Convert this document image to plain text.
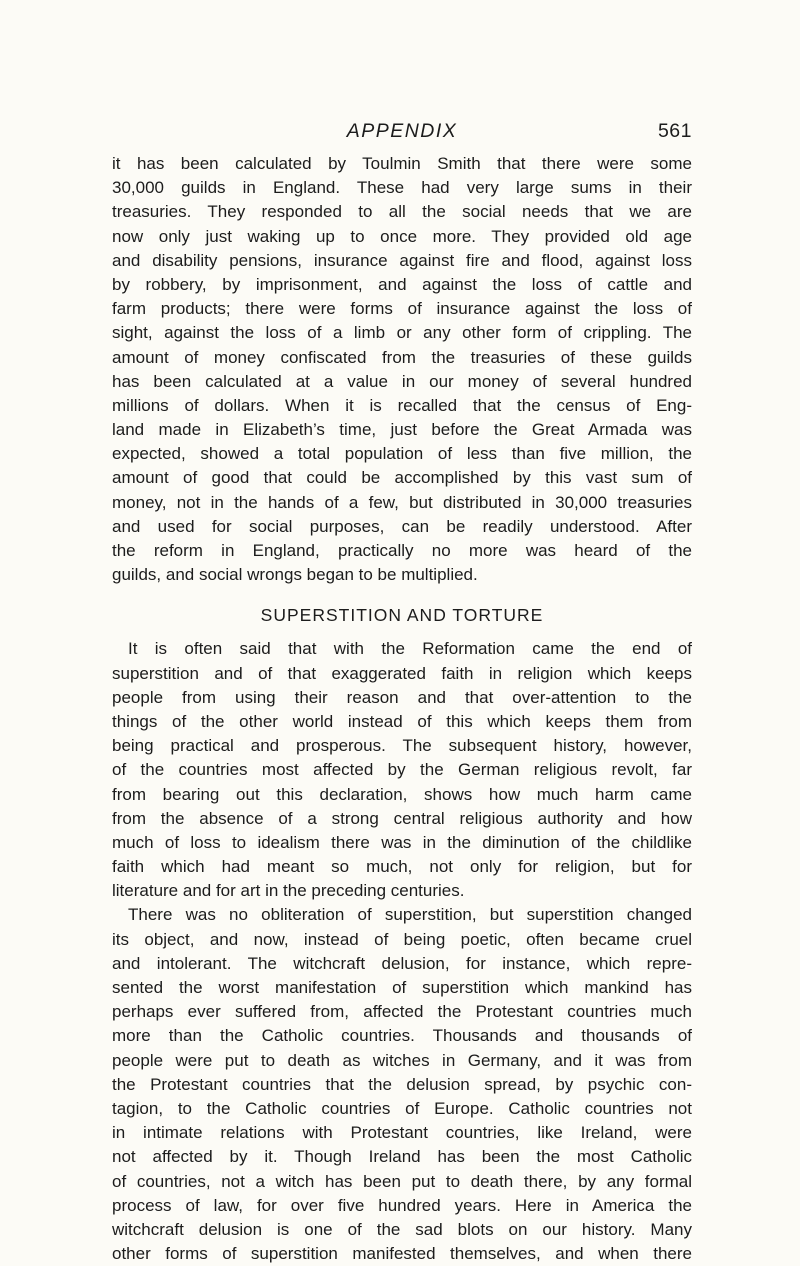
APPENDIX	561
it has been calculated by Toulmin Smith that there were some
30,000 guilds in England. These had very large sums in their
treasuries. They responded to all the social needs that we are
now only just waking up to once more. They provided old age
and disability pensions, insurance against fire and flood, against loss
by robbery, by imprisonment, and against the loss of cattle and
farm products; there were forms of insurance against the loss of
sight, against the loss of a limb or any other form of crippling. The
amount of money confiscated from the treasuries of these guilds
has been calculated at a value in our money of several hundred
millions of dollars. When it is recalled that the census of Eng-
land made in Elizabeth’s time, just before the Great Armada was
expected, showed a total population of less than five million, the
amount of good that could be accomplished by this vast sum of
money, not in the hands of a few, but distributed in 30,000 treasuries
and used for social purposes, can be readily understood. After
the reform in England, practically no more was heard of the
guilds, and social wrongs began to be multiplied.
SUPERSTITION AND TORTURE
It is often said that with the Reformation came the end of
superstition and of that exaggerated faith in religion which keeps
people from using their reason and that over-attention to the
things of the other world instead of this which keeps them from
being practical and prosperous. The subsequent history, however,
of the countries most affected by the German religious revolt, far
from bearing out this declaration, shows how much harm came
from the absence of a strong central religious authority and how
much of loss to idealism there was in the diminution of the childlike
faith which had meant so much, not only for religion, but for
literature and for art in the preceding centuries.
There was no obliteration of superstition, but superstition changed
its object, and now, instead of being poetic, often became cruel
and intolerant. The witchcraft delusion, for instance, which repre-
sented the worst manifestation of superstition which mankind has
perhaps ever suffered from, affected the Protestant countries much
more than the Catholic countries. Thousands and thousands of
people were put to death as witches in Germany, and it was from
the Protestant countries that the delusion spread, by psychic con-
tagion, to the Catholic countries of Europe. Catholic countries not
in intimate relations with Protestant countries, like Ireland, were
not affected by it. Though Ireland has been the most Catholic
of countries, not a witch has been put to death there, by any formal
process of law, for over five hundred years. Here in America the
witchcraft delusion is one of the sad blots on our history. Many
other forms of superstition manifested themselves, and when there
